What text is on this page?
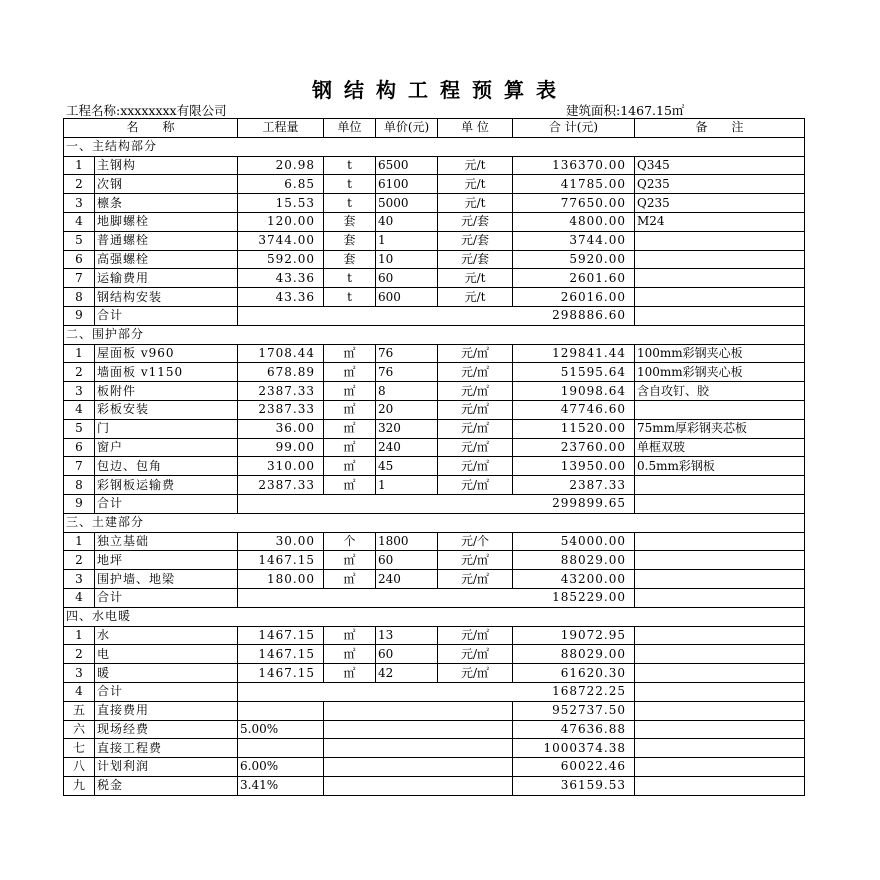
钢结构工程预算表
工程名称:xxxxxxxx有限公司	建筑面积:1467.15㎡
名　　称		工程量	单位	单价(元)	单 位	合 计(元)	备　　注
一、主结构部分							
1	主钢构	20.98	t	6500	元/t	136370.00	Q345
2	次钢	6.85	t	6100	元/t	41785.00	Q235
3	檩条	15.53	t	5000	元/t	77650.00	Q235
4	地脚螺栓	120.00	套	40	元/套	4800.00	M24
5	普通螺栓	3744.00	套	1	元/套	3744.00	
6	高强螺栓	592.00	套	10	元/套	5920.00	
7	运输费用	43.36	t	60	元/t	2601.60	
8	钢结构安装	43.36	t	600	元/t	26016.00	
9	合计	298886.60					
二、围护部分							
1	屋面板 v960	1708.44	㎡	76	元/㎡	129841.44	100mm彩钢夹心板
2	墙面板 v1150	678.89	㎡	76	元/㎡	51595.64	100mm彩钢夹心板
3	板附件	2387.33	㎡	8	元/㎡	19098.64	含自攻钉、胶
4	彩板安装	2387.33	㎡	20	元/㎡	47746.60	
5	门	36.00	㎡	320	元/㎡	11520.00	75mm厚彩钢夹芯板
6	窗户	99.00	㎡	240	元/㎡	23760.00	单框双玻
7	包边、包角	310.00	㎡	45	元/㎡	13950.00	0.5mm彩钢板
8	彩钢板运输费	2387.33	㎡	1	元/㎡	2387.33	
9	合计	299899.65					
三、土建部分							
1	独立基础	30.00	个	1800	元/个	54000.00	
2	地坪	1467.15	㎡	60	元/㎡	88029.00	
3	围护墙、地梁	180.00	㎡	240	元/㎡	43200.00	
4	合计	185229.00					
四、水电暖							
1	水	1467.15	㎡	13	元/㎡	19072.95	
2	电	1467.15	㎡	60	元/㎡	88029.00	
3	暖	1467.15	㎡	42	元/㎡	61620.30	
4	合计	168722.25					
五	直接费用					952737.50	
六	现场经费	5.00%				47636.88	
七	直接工程费					1000374.38	
八	计划利润	6.00%				60022.46	
九	税金	3.41%				36159.53	
